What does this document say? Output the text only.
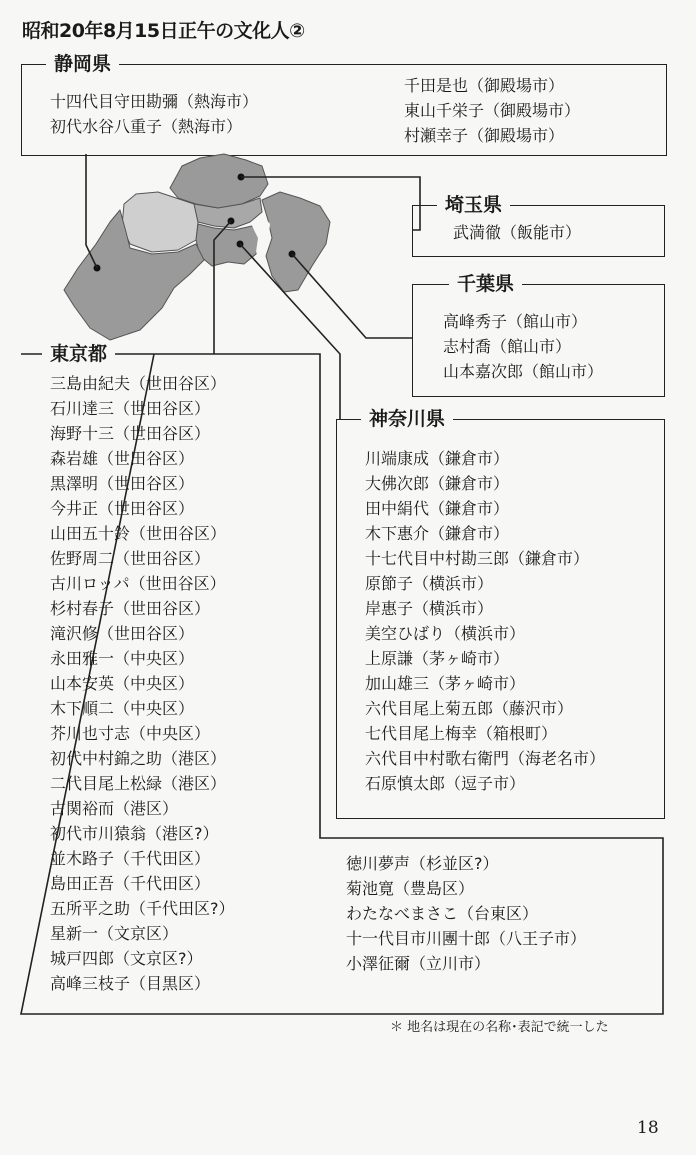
昭和20年8月15日正午の文化人②
静岡県
十四代目守田勘彌（熱海市）
初代水谷八重子（熱海市）
千田是也（御殿場市）
東山千栄子（御殿場市）
村瀬幸子（御殿場市）
埼玉県
武満徹（飯能市）
千葉県
高峰秀子（館山市）
志村喬（館山市）
山本嘉次郎（館山市）
神奈川県
川端康成（鎌倉市）
大佛次郎（鎌倉市）
田中絹代（鎌倉市）
木下惠介（鎌倉市）
十七代目中村勘三郎（鎌倉市）
原節子（横浜市）
岸惠子（横浜市）
美空ひばり（横浜市）
上原謙（茅ヶ崎市）
加山雄三（茅ヶ崎市）
六代目尾上菊五郎（藤沢市）
七代目尾上梅幸（箱根町）
六代目中村歌右衛門（海老名市）
石原慎太郎（逗子市）
東京都
三島由紀夫（世田谷区）
石川達三（世田谷区）
海野十三（世田谷区）
森岩雄（世田谷区）
黒澤明（世田谷区）
今井正（世田谷区）
山田五十鈴（世田谷区）
佐野周二（世田谷区）
古川ロッパ（世田谷区）
杉村春子（世田谷区）
滝沢修（世田谷区）
永田雅一（中央区）
山本安英（中央区）
木下順二（中央区）
芥川也寸志（中央区）
初代中村錦之助（港区）
二代目尾上松緑（港区）
古関裕而（港区）
初代市川猿翁（港区?）
並木路子（千代田区）
島田正吾（千代田区）
五所平之助（千代田区?）
星新一（文京区）
城戸四郎（文京区?）
高峰三枝子（目黒区）
徳川夢声（杉並区?）
菊池寛（豊島区）
わたなべまさこ（台東区）
十一代目市川團十郎（八王子市）
小澤征爾（立川市）
＊ 地名は現在の名称･表記で統一した
18
